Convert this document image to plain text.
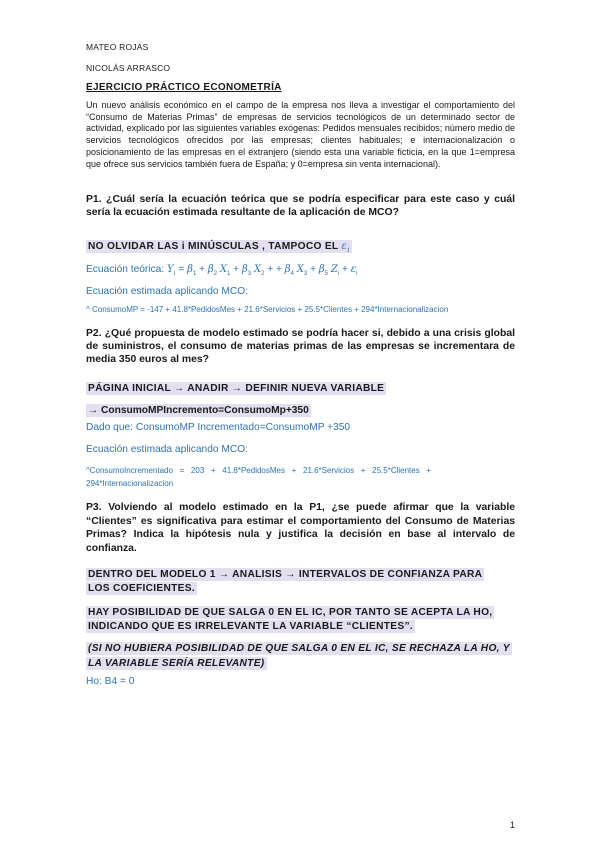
MATEO ROJAS
NICOLÁS ARRASCO
EJERCICIO PRÁCTICO ECONOMETRÍA
Un nuevo análisis económico en el campo de la empresa nos lleva a investigar el comportamiento del “Consumo de Materias Primas” de empresas de servicios tecnológicos de un determinado sector de actividad, explicado por las siguientes variables exógenas: Pedidos mensuales recibidos; número medio de servicios tecnológicos ofrecidos por las empresas; clientes habituales; e internacionalización o posicionamiento de las empresas en el extranjero (siendo esta una variable ficticia, en la que 1=empresa que ofrece sus servicios también fuera de España; y 0=empresa sin venta internacional).
P1. ¿Cuál sería la ecuación teórica que se podría especificar para este caso y cuál sería la ecuación estimada resultante de la aplicación de MCO?
NO OLVIDAR LAS i MINÚSCULAS , TAMPOCO EL $\varepsilon_i$
Ecuación teórica: $Y_i = \beta_1 + \beta_2$ $X_1 + \beta_3$ $X_2$ + + $\beta_4$ $X_3 + \beta_5$ $Z_i + \varepsilon_i$
Ecuación estimada aplicando MCO:
^ ConsumoMP = -147 + 41.8*PedidosMes + 21.6*Servicios + 25.5*Clientes + 294*Internacionalizacion
P2. ¿Qué propuesta de modelo estimado se podría hacer si, debido a una crisis global de suministros, el consumo de materias primas de las empresas se incrementara de media 350 euros al mes?
PÁGINA INICIAL → ANADIR → DEFINIR NUEVA VARIABLE
→ ConsumoMPIncremento=ConsumoMp+350
Dado que: ConsumoMP Incrementado=ConsumoMP +350
Ecuación estimada aplicando MCO:
^ConsumoIncrementado   =   203   +   41.8*PedidosMes   +   21.6*Servicios   +   25.5*Clientes   +
294*Internacionalizacion
P3. Volviendo al modelo estimado en la P1, ¿se puede afirmar que la variable “Clientes” es significativa para estimar el comportamiento del Consumo de Materias Primas? Indica la hipótesis nula y justifica la decisión en base al intervalo de confianza.
DENTRO DEL MODELO 1 → ANALISIS → INTERVALOS DE CONFIANZA PARA
LOS COEFICIENTES.
HAY POSIBILIDAD DE QUE SALGA 0 EN EL IC, POR TANTO SE ACEPTA LA HO,
INDICANDO QUE ES IRRELEVANTE LA VARIABLE “CLIENTES”.
(SI NO HUBIERA POSIBILIDAD DE QUE SALGA 0 EN EL IC, SE RECHAZA LA HO, Y
LA VARIABLE SERÍA RELEVANTE)
Ho: B4 = 0
1
